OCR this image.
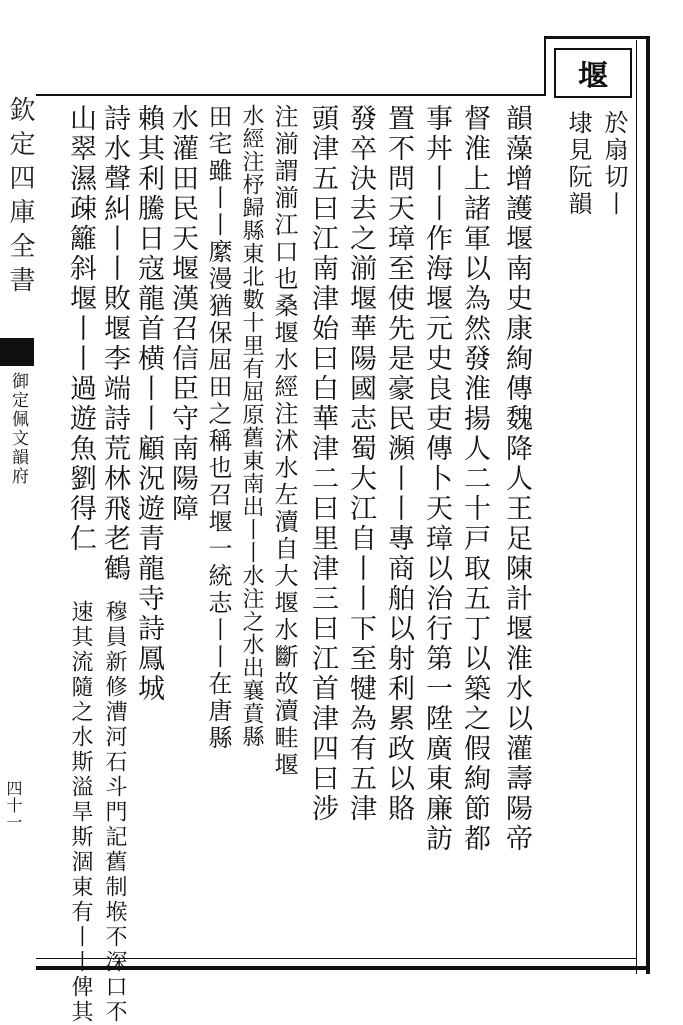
堰
於扇切丨
埭見阮韻
韻藻增護堰南史康絢傳魏降人王足陳計堰淮水以灌壽陽帝
督淮上諸軍以為然發淮揚人二十戸取五丁以築之假絢節都
事丼丨丨作海堰元史良吏傳卜天璋以治行第一陞廣東廉訪
置不問天璋至使先是豪民瀕丨丨專商舶以射利累政以賂
發卒決去之湔堰華陽國志蜀大江自丨丨下至犍為有五津
頭津五曰江南津始曰白華津二曰里津三曰江首津四曰涉
注湔謂湔江口也桑堰水經注沭水左瀆自大堰水斷故瀆畦堰
水經注杼歸縣東北數十里有屈原舊東南出丨丨水注之水出襄賁縣
田宅雖丨丨縻漫猶保屈田之稱也召堰一統志丨丨在唐縣
水灌田民天堰漢召信臣守南陽障
賴其利騰日寇龍首横丨丨顧況遊青龍寺詩鳳城
詩水聲糾丨丨敗堰李端詩荒林飛老鶴
山翠濕疎籬斜堰丨丨過遊魚劉得仁
穆員新修漕河石斗門記舊制堠不深口不
速其流隨之水斯溢旱斯涸東有丨丨俾其
欽定四庫全書
御定佩文韻府
四十一
